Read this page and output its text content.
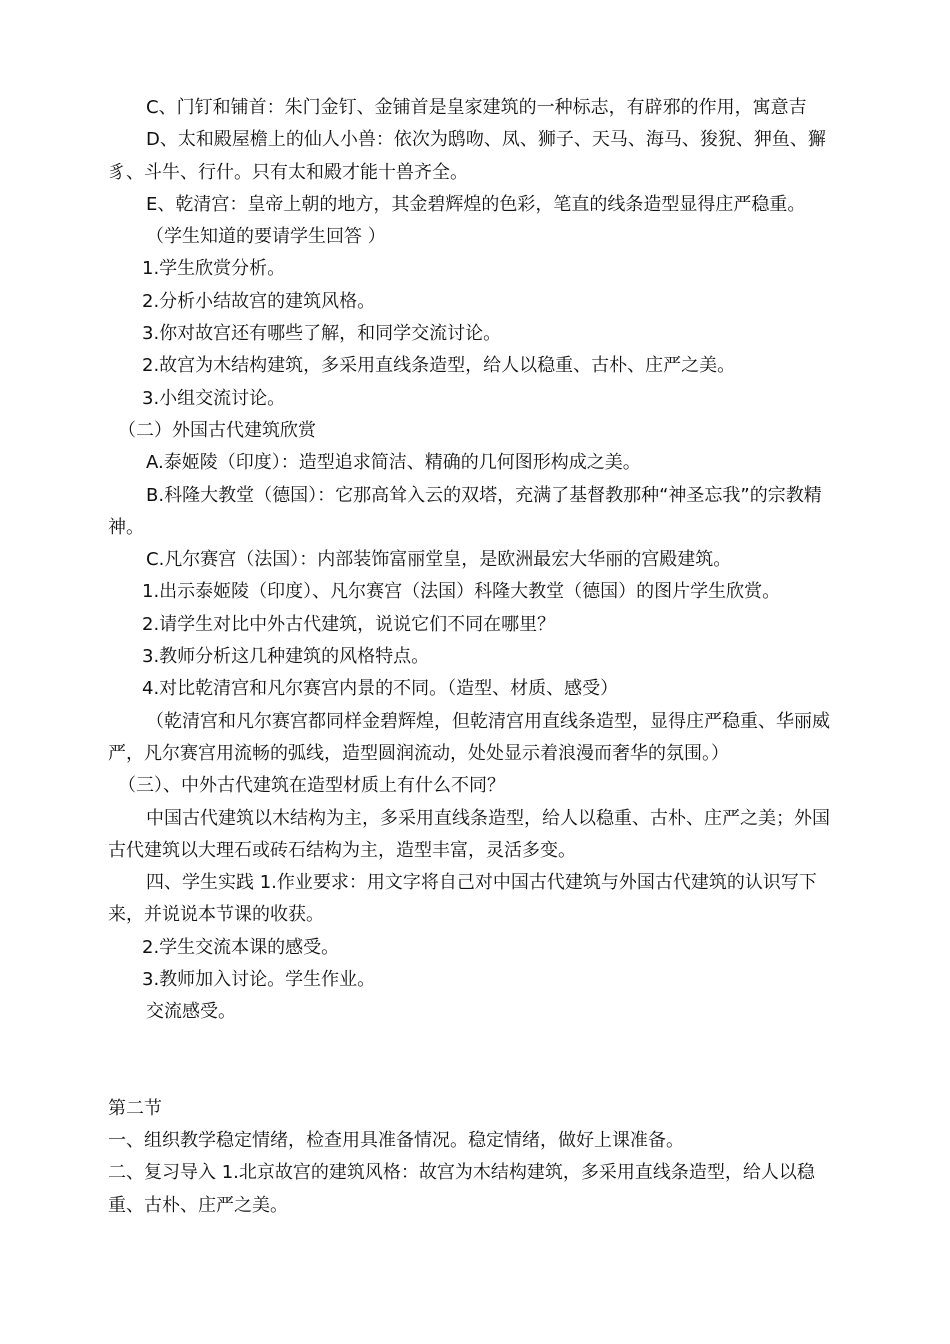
C、门钉和铺首：朱门金钉、金铺首是皇家建筑的一种标志，有辟邪的作用，寓意吉

D、太和殿屋檐上的仙人小兽：依次为鸱吻、凤、狮子、天马、海马、狻猊、狎鱼、獬豸、斗牛、行什。只有太和殿才能十兽齐全。

E、乾清宫：皇帝上朝的地方，其金碧辉煌的色彩，笔直的线条造型显得庄严稳重。

（学生知道的要请学生回答 ）

1.学生欣赏分析。

2.分析小结故宫的建筑风格。

3.你对故宫还有哪些了解，和同学交流讨论。

2.故宫为木结构建筑，多采用直线条造型，给人以稳重、古朴、庄严之美。

3.小组交流讨论。

（二）外国古代建筑欣赏

A.泰姬陵（印度）：造型追求简洁、精确的几何图形构成之美。

B.科隆大教堂（德国）：它那高耸入云的双塔，充满了基督教那种“神圣忘我”的宗教精神。

C.凡尔赛宫（法国）：内部装饰富丽堂皇，是欧洲最宏大华丽的宫殿建筑。

1.出示泰姬陵（印度）、凡尔赛宫（法国）科隆大教堂（德国）的图片学生欣赏。

2.请学生对比中外古代建筑，说说它们不同在哪里？

3.教师分析这几种建筑的风格特点。

4.对比乾清宫和凡尔赛宫内景的不同。（造型、材质、感受）

（乾清宫和凡尔赛宫都同样金碧辉煌，但乾清宫用直线条造型，显得庄严稳重、华丽威严，凡尔赛宫用流畅的弧线，造型圆润流动，处处显示着浪漫而奢华的氛围。）

（三）、中外古代建筑在造型材质上有什么不同？

中国古代建筑以木结构为主，多采用直线条造型，给人以稳重、古朴、庄严之美；外国古代建筑以大理石或砖石结构为主，造型丰富，灵活多变。

四、学生实践 1.作业要求：用文字将自己对中国古代建筑与外国古代建筑的认识写下来，并说说本节课的收获。

2.学生交流本课的感受。

3.教师加入讨论。学生作业。

交流感受。

第二节

一、组织教学稳定情绪，检查用具准备情况。稳定情绪，做好上课准备。

二、复习导入 1.北京故宫的建筑风格：故宫为木结构建筑，多采用直线条造型，给人以稳重、古朴、庄严之美。
